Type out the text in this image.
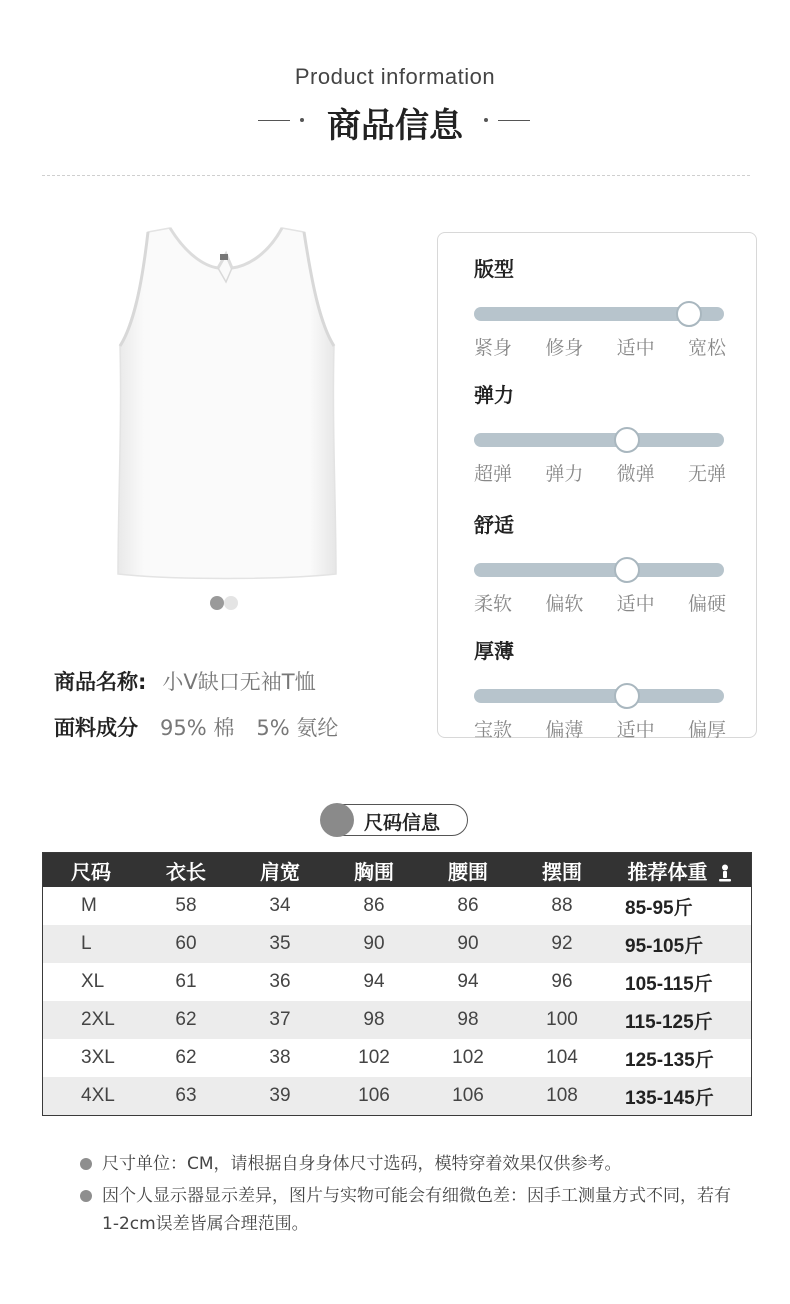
Product information
商品信息
商品名称: 小V缺口无袖T恤
面料成分 95% 棉 5% 氨纶
版型
紧身 修身 适中 宽松
弹力
超弹 弹力 微弹 无弹
舒适
柔软 偏软 适中 偏硬
厚薄
宝款 偏薄 适中 偏厚
尺码信息
尺码	衣长	肩宽	胸围	腰围	摆围	推荐体重
M	58	34	86	86	88	85-95斤
L	60	35	90	90	92	95-105斤
XL	61	36	94	94	96	105-115斤
2XL	62	37	98	98	100	115-125斤
3XL	62	38	102	102	104	125-135斤
4XL	63	39	106	106	108	135-145斤
尺寸单位：CM，请根据自身身体尺寸选码，模特穿着效果仅供参考。
因个人显示器显示差异，图片与实物可能会有细微色差：因手工测量方式不同，若有1-2cm误差皆属合理范围。
